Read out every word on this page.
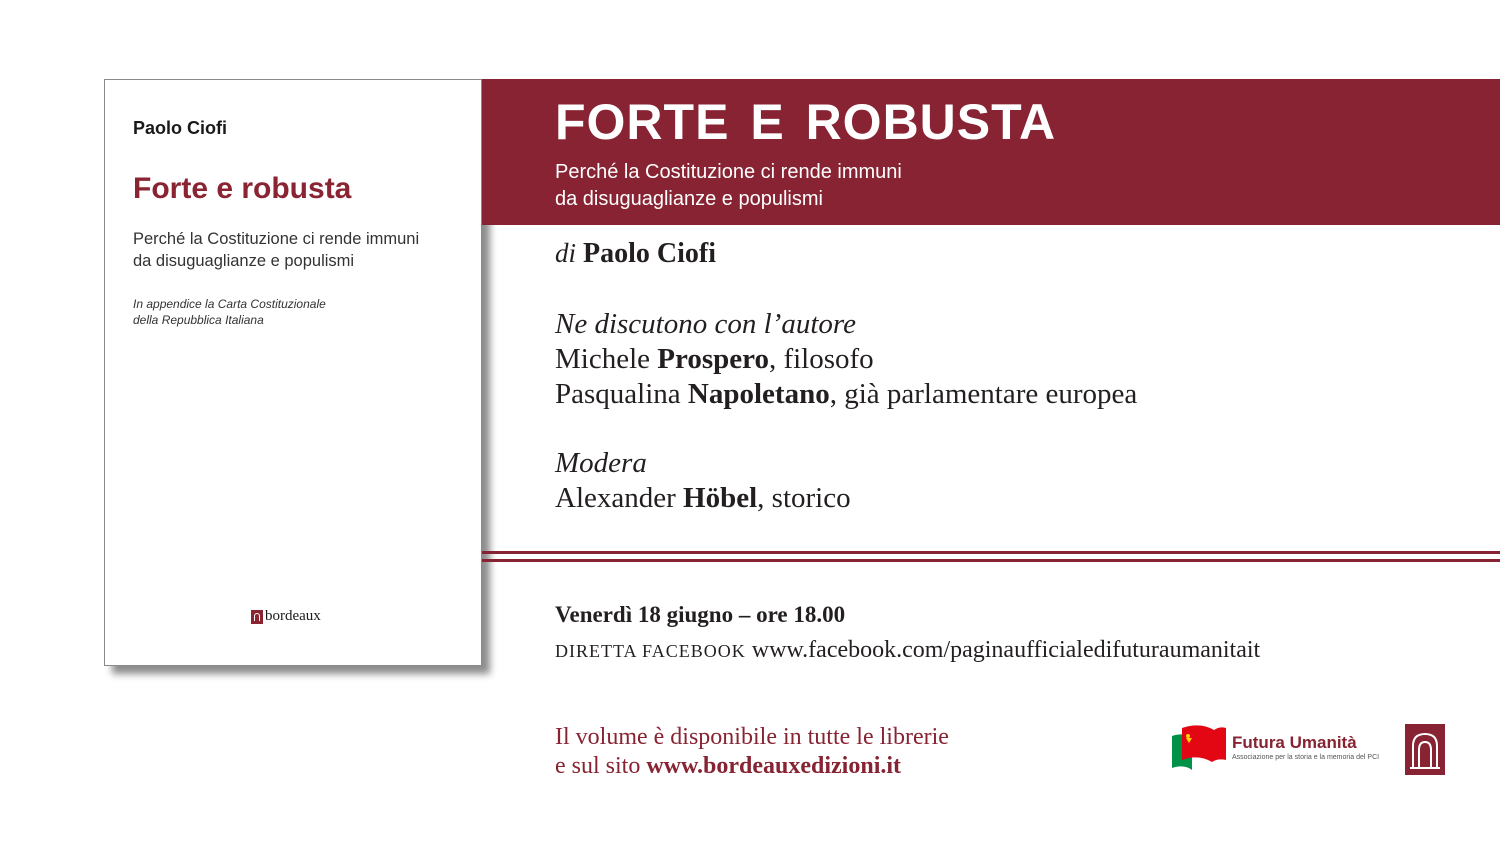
Paolo Ciofi
Forte e robusta
Perché la Costituzione ci rende immuni
da disuguaglianze e populismi
In appendice la Carta Costituzionale
della Repubblica Italiana
bordeaux
FORTE E ROBUSTA
Perché la Costituzione ci rende immuni
da disuguaglianze e populismi
di Paolo Ciofi
Ne discutono con l’autore
Michele Prospero, filosofo
Pasqualina Napoletano, già parlamentare europea
Modera
Alexander Höbel, storico
Venerdì 18 giugno – ore 18.00
DIRETTA FACEBOOK www.facebook.com/paginaufficialedifuturaumanitait
Il volume è disponibile in tutte le librerie
e sul sito www.bordeauxedizioni.it
Futura Umanità
Associazione per la storia e la memoria del PCI
